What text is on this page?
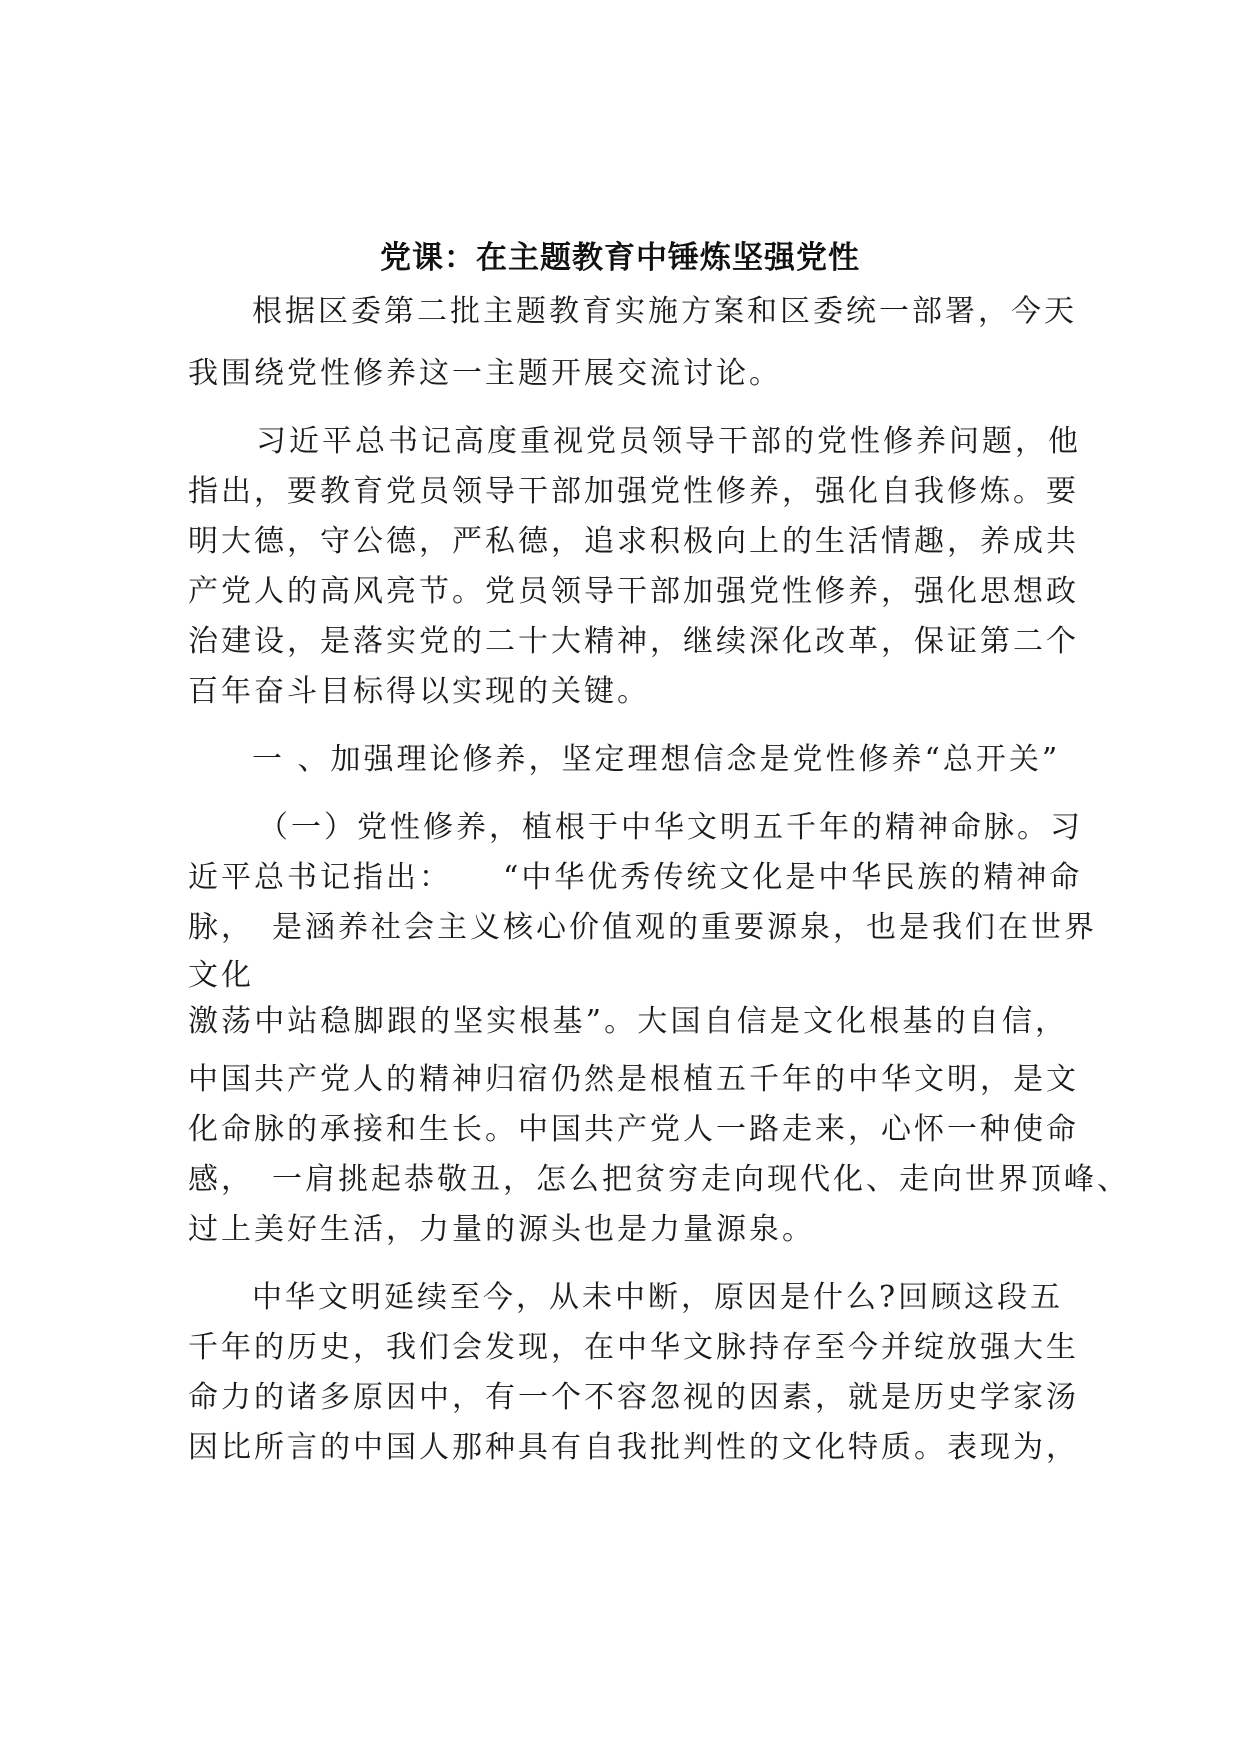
党课：在主题教育中锤炼坚强党性
根据区委第二批主题教育实施方案和区委统一部署，今天
我围绕党性修养这一主题开展交流讨论。
习近平总书记高度重视党员领导干部的党性修养问题，他
指出，要教育党员领导干部加强党性修养，强化自我修炼。要
明大德，守公德，严私德，追求积极向上的生活情趣，养成共
产党人的高风亮节。党员领导干部加强党性修养，强化思想政
治建设，是落实党的二十大精神，继续深化改革，保证第二个
百年奋斗目标得以实现的关键。
一 、加强理论修养，坚定理想信念是党性修养“总开关”
（一）党性修养，植根于中华文明五千年的精神命脉。习
近平总书记指出：　　“中华优秀传统文化是中华民族的精神命
脉，　是涵养社会主义核心价值观的重要源泉，也是我们在世界
文化
激荡中站稳脚跟的坚实根基”。大国自信是文化根基的自信，
中国共产党人的精神归宿仍然是根植五千年的中华文明，是文
化命脉的承接和生长。中国共产党人一路走来，心怀一种使命
感，　一肩挑起恭敬丑，怎么把贫穷走向现代化、走向世界顶峰、
过上美好生活，力量的源头也是力量源泉。
中华文明延续至今，从未中断，原因是什么?回顾这段五
千年的历史，我们会发现，在中华文脉持存至今并绽放强大生
命力的诸多原因中，有一个不容忽视的因素，就是历史学家汤
因比所言的中国人那种具有自我批判性的文化特质。表现为，
